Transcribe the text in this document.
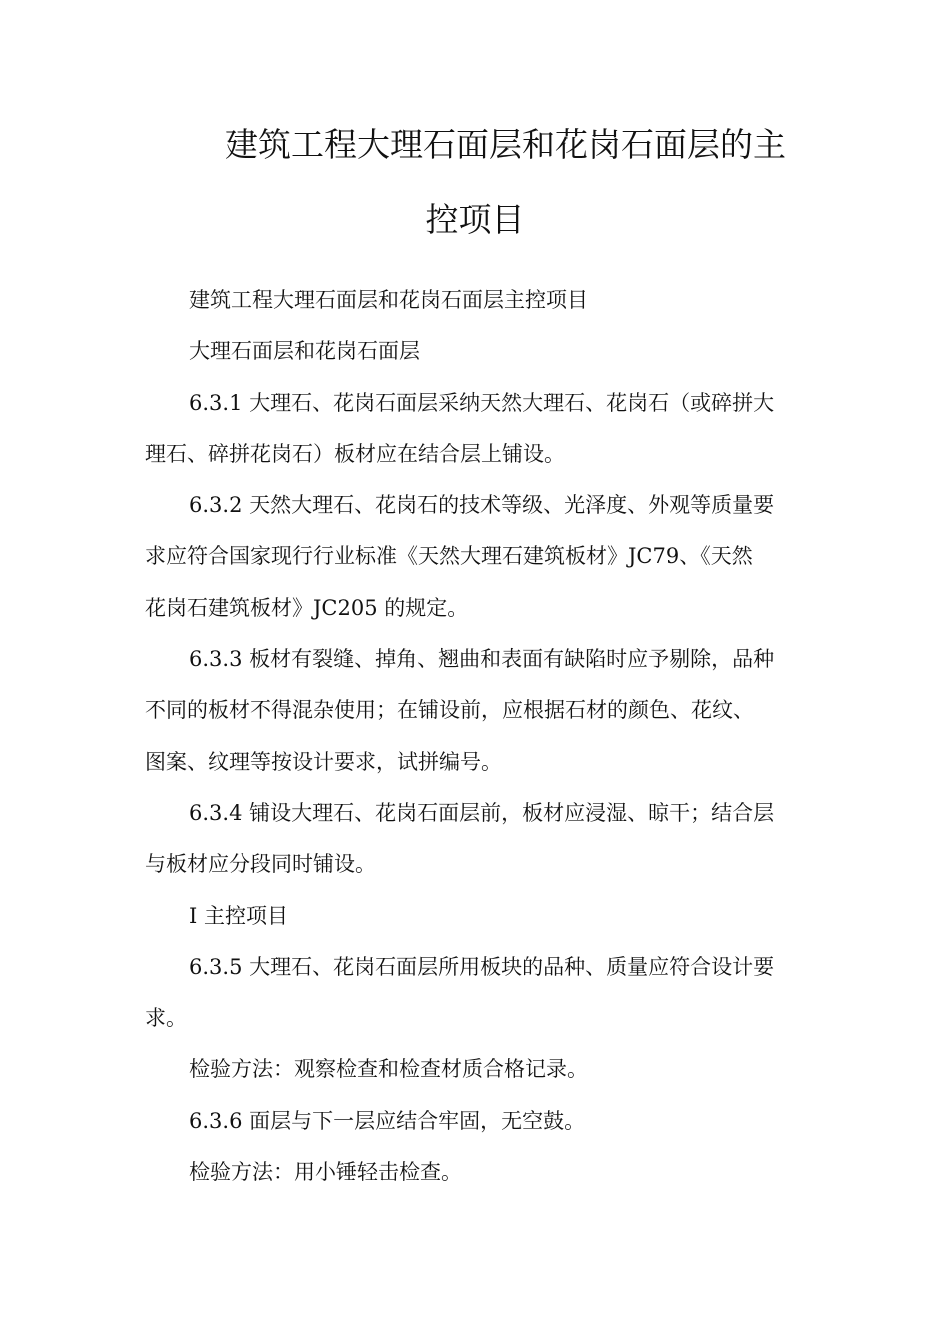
建筑工程大理石面层和花岗石面层的主
控项目

建筑工程大理石面层和花岗石面层主控项目

大理石面层和花岗石面层

6.3.1 大理石、花岗石面层采纳天然大理石、花岗石（或碎拼大
理石、碎拼花岗石）板材应在结合层上铺设。

6.3.2 天然大理石、花岗石的技术等级、光泽度、外观等质量要
求应符合国家现行行业标准《天然大理石建筑板材》JC79、《天然
花岗石建筑板材》JC205 的规定。

6.3.3 板材有裂缝、掉角、翘曲和表面有缺陷时应予剔除，品种
不同的板材不得混杂使用；在铺设前，应根据石材的颜色、花纹、
图案、纹理等按设计要求，试拼编号。

6.3.4 铺设大理石、花岗石面层前，板材应浸湿、晾干；结合层
与板材应分段同时铺设。

I 主控项目

6.3.5 大理石、花岗石面层所用板块的品种、质量应符合设计要
求。

检验方法：观察检查和检查材质合格记录。

6.3.6 面层与下一层应结合牢固，无空鼓。

检验方法：用小锤轻击检查。
